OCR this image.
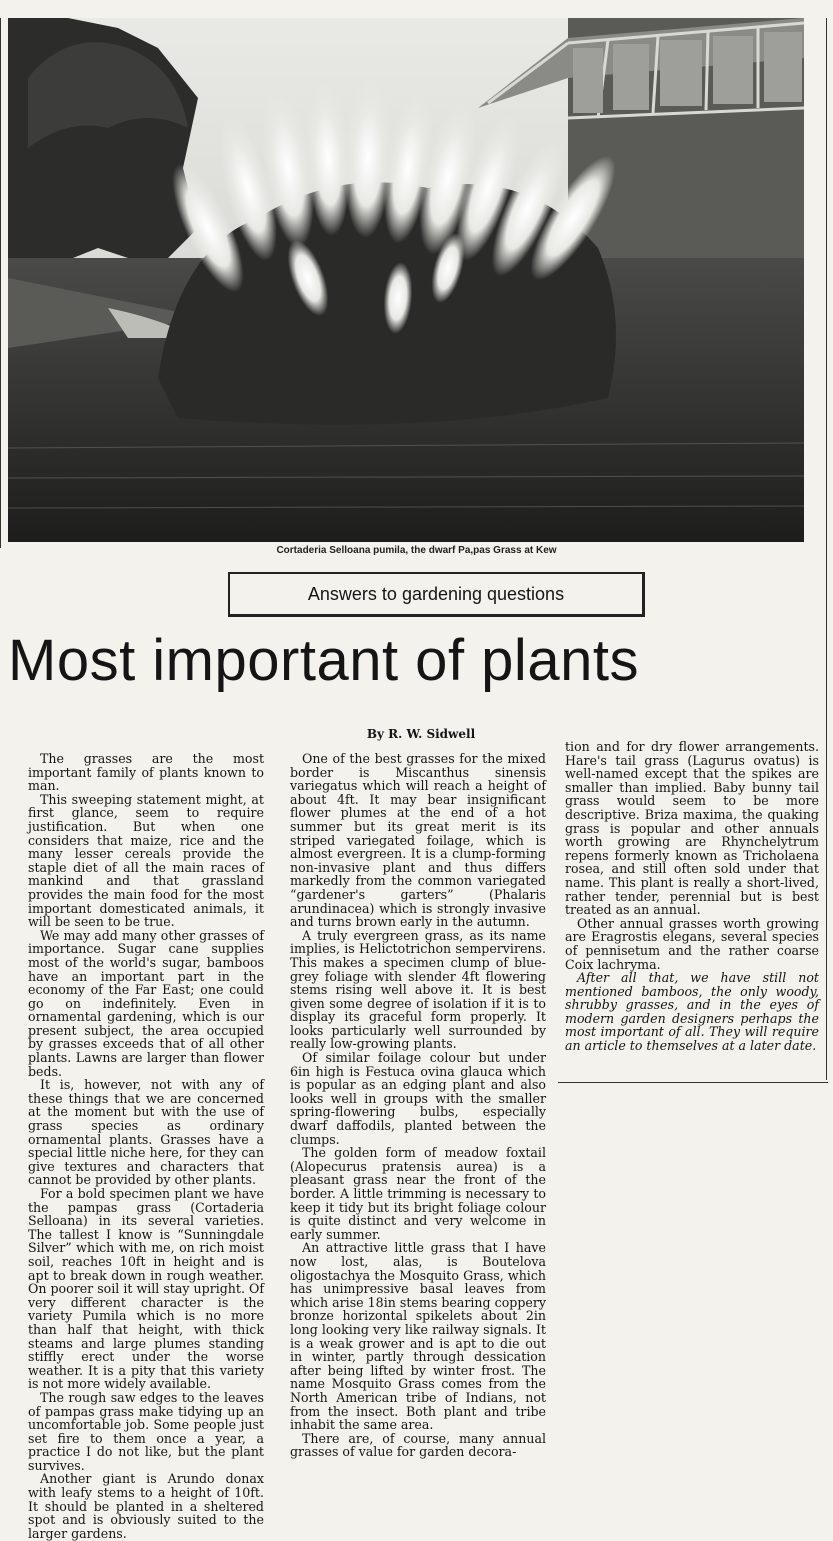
Cortaderia Selloana pumila, the dwarf Pa,pas Grass at Kew
Answers to gardening questions
Most important of plants
By R. W. Sidwell

The grasses are the most important family of plants known to man.

This sweeping statement might, at first glance, seem to require justification. But when one considers that maize, rice and the many lesser cereals provide the staple diet of all the main races of mankind and that grassland provides the main food for the most important domesticated animals, it will be seen to be true.

We may add many other grasses of importance. Sugar cane supplies most of the world's sugar, bamboos have an important part in the economy of the Far East; one could go on indefinitely. Even in ornamental gardening, which is our present subject, the area occupied by grasses exceeds that of all other plants. Lawns are larger than flower beds.

It is, however, not with any of these things that we are concerned at the moment but with the use of grass species as ordinary ornamental plants. Grasses have a special little niche here, for they can give textures and characters that cannot be provided by other plants.

For a bold specimen plant we have the pampas grass (Cortaderia Selloana) in its several varieties. The tallest I know is “Sunningdale Silver” which with me, on rich moist soil, reaches 10ft in height and is apt to break down in rough weather. On poorer soil it will stay upright. Of very different character is the variety Pumila which is no more than half that height, with thick steams and large plumes standing stiffly erect under the worse weather. It is a pity that this variety is not more widely available.

The rough saw edges to the leaves of pampas grass make tidying up an uncomfortable job. Some people just set fire to them once a year, a practice I do not like, but the plant survives.

Another giant is Arundo donax with leafy stems to a height of 10ft. It should be planted in a sheltered spot and is obviously suited to the larger gardens.

One of the best grasses for the mixed border is Miscanthus sinensis variegatus which will reach a height of about 4ft. It may bear insignificant flower plumes at the end of a hot summer but its great merit is its striped variegated foilage, which is almost evergreen. It is a clump-forming non-invasive plant and thus differs markedly from the common variegated “gardener's garters” (Phalaris arundinacea) which is strongly invasive and turns brown early in the autumn.

A truly evergreen grass, as its name implies, is Helictotrichon sempervirens. This makes a specimen clump of blue-grey foliage with slender 4ft flowering stems rising well above it. It is best given some degree of isolation if it is to display its graceful form properly. It looks particularly well surrounded by really low-growing plants.

Of similar foilage colour but under 6in high is Festuca ovina glauca which is popular as an edging plant and also looks well in groups with the smaller spring-flowering bulbs, especially dwarf daffodils, planted between the clumps.

The golden form of meadow foxtail (Alopecurus pratensis aurea) is a pleasant grass near the front of the border. A little trimming is necessary to keep it tidy but its bright foliage colour is quite distinct and very welcome in early summer.

An attractive little grass that I have now lost, alas, is Boutelova oligostachya the Mosquito Grass, which has unimpressive basal leaves from which arise 18in stems bearing coppery bronze horizontal spikelets about 2in long looking very like railway signals. It is a weak grower and is apt to die out in winter, partly through dessication after being lifted by winter frost. The name Mosquito Grass comes from the North American tribe of Indians, not from the insect. Both plant and tribe inhabit the same area.

There are, of course, many annual grasses of value for garden decora-

tion and for dry flower arrangements. Hare's tail grass (Lagurus ovatus) is well-named except that the spikes are smaller than implied. Baby bunny tail grass would seem to be more descriptive. Briza maxima, the quaking grass is popular and other annuals worth growing are Rhynchelytrum repens formerly known as Tricholaena rosea, and still often sold under that name. This plant is really a short-lived, rather tender, perennial but is best treated as an annual.

Other annual grasses worth growing are Eragrostis elegans, several species of pennisetum and the rather coarse Coix lachryma.

After all that, we have still not mentioned bamboos, the only woody, shrubby grasses, and in the eyes of modern garden designers perhaps the most important of all. They will require an article to themselves at a later date.
